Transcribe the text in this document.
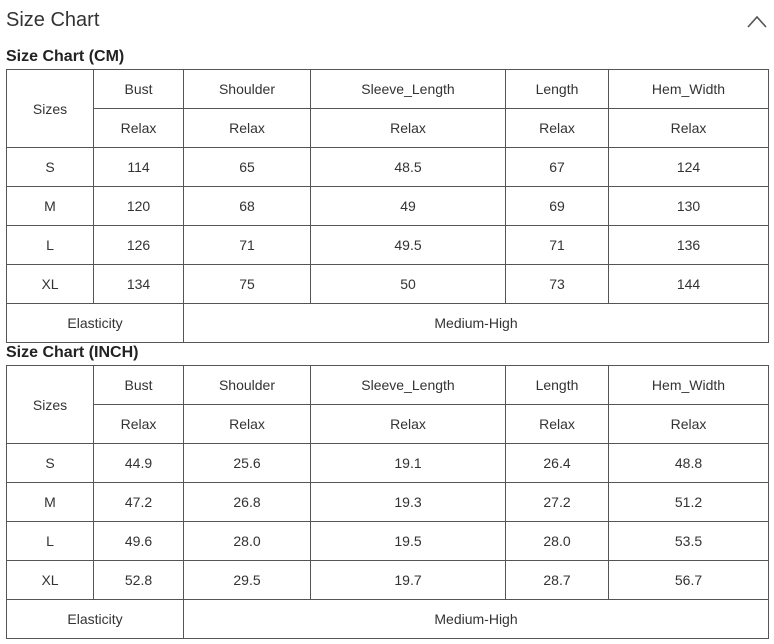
Size Chart
Size Chart (CM)
Sizes	Bust	Shoulder	Sleeve_Length	Length	Hem_Width
	Relax	Relax	Relax	Relax	Relax
S	114	65	48.5	67	124
M	120	68	49	69	130
L	126	71	49.5	71	136
XL	134	75	50	73	144
Elasticity		Medium-High			
Size Chart (INCH)
Sizes	Bust	Shoulder	Sleeve_Length	Length	Hem_Width
	Relax	Relax	Relax	Relax	Relax
S	44.9	25.6	19.1	26.4	48.8
M	47.2	26.8	19.3	27.2	51.2
L	49.6	28.0	19.5	28.0	53.5
XL	52.8	29.5	19.7	28.7	56.7
Elasticity		Medium-High			
